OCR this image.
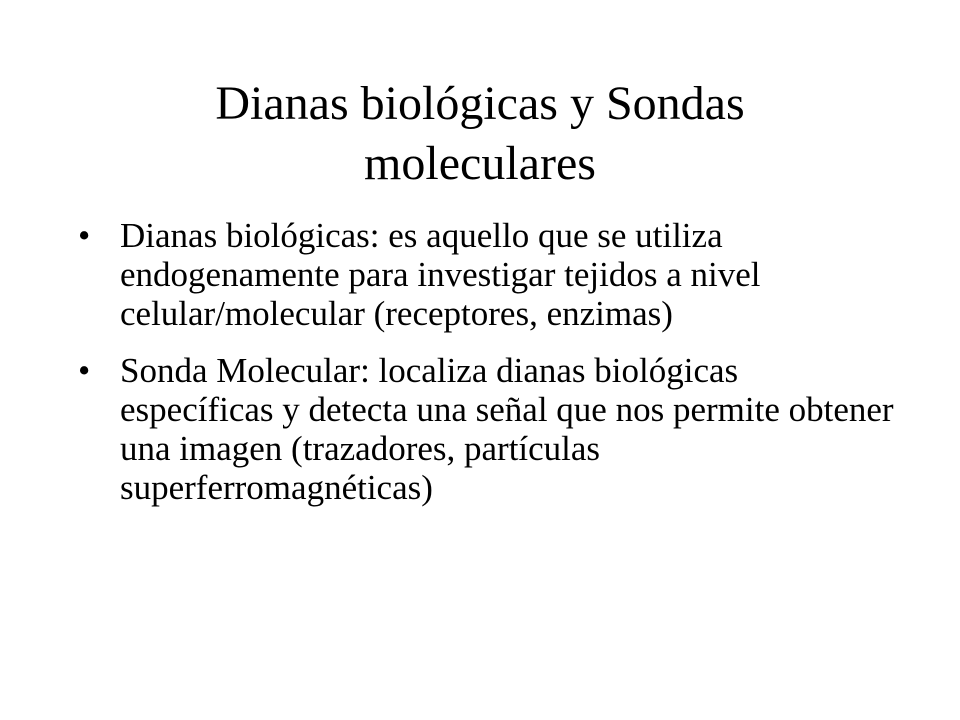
Dianas biológicas y Sondas moleculares
• Dianas biológicas: es aquello que se utiliza endogenamente para investigar tejidos a nivel celular/molecular (receptores, enzimas)
• Sonda Molecular: localiza dianas biológicas específicas y detecta una señal que nos permite obtener una imagen (trazadores, partículas superferromagnéticas)
